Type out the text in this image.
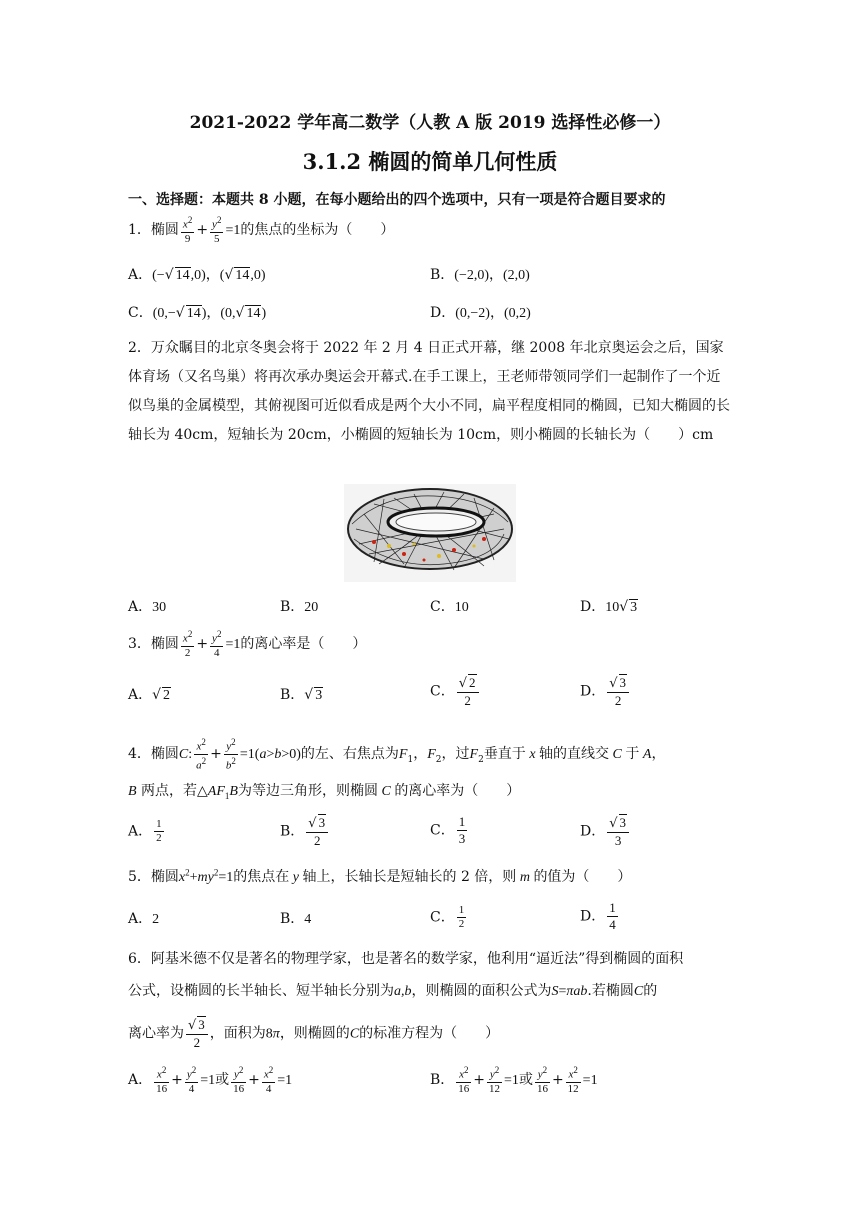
2021-2022 学年高二数学（人教 A 版 2019 选择性必修一）
3.1.2 椭圆的简单几何性质
一、选择题：本题共 8 小题，在每小题给出的四个选项中，只有一项是符合题目要求的
1．椭圆 $\frac{x^2}{9} + \frac{y^2}{5} =1$的焦点的坐标为（　　）
A．(−√ 14,0)，(√ 14,0)	B．(−2,0)，(2,0)
C．(0,−√ 14)，(0,√ 14)	D．(0,−2)，(0,2)
2．万众瞩目的北京冬奥会将于 2022 年 2 月 4 日正式开幕，继 2008 年北京奥运会之后，国家体育场（又名鸟巢）将再次承办奥运会开幕式.在手工课上，王老师带领同学们一起制作了一个近似鸟巢的金属模型，其俯视图可近似看成是两个大小不同，扁平程度相同的椭圆，已知大椭圆的长轴长为 40cm，短轴长为 20cm，小椭圆的短轴长为 10cm，则小椭圆的长轴长为（　　）cm
A．30	B．20	C．10	D．10√ 3
3．椭圆 $\frac{x^2}{2} + \frac{y^2}{4} =1$的离心率是（　　）
A．√ 2	B．√ 3	C． $\frac{√ 2}{2}$	D． $\frac{√ 3}{2}$
4．椭圆C: $\frac{x^2}{a^2} + \frac{y^2}{b^2} =1(a>b>0)$的左、右焦点为$F_1$，$F_2$，过$F_2$垂直于 x 轴的直线交 C 于 A，
B 两点，若$\triangle AF_1B$为等边三角形，则椭圆 C 的离心率为（　　）
A． $\frac{1}{2}$	B． $\frac{√ 3}{2}$	C． $\frac{1}{3}$	D． $\frac{√ 3}{3}$
5．椭圆$x^2+my^2=1$的焦点在 y 轴上，长轴长是短轴长的 2 倍，则 m 的值为（　　）
A．2	B．4	C． $\frac{1}{2}$	D． $\frac{1}{4}$
6．阿基米德不仅是著名的物理学家，也是著名的数学家，他利用“逼近法”得到椭圆的面积
公式，设椭圆的长半轴长、短半轴长分别为a,b，则椭圆的面积公式为S=πab.若椭圆C的
离心率为 $\frac{√ 3}{2}$ ，面积为8π，则椭圆的C的标准方程为（　　）
A． $\frac{x^2}{16} + \frac{y^2}{4} =1$或 $\frac{y^2}{16} + \frac{x^2}{4} =1$	B． $\frac{x^2}{16} + \frac{y^2}{12} =1$或 $\frac{y^2}{16} + \frac{x^2}{12} =1$
